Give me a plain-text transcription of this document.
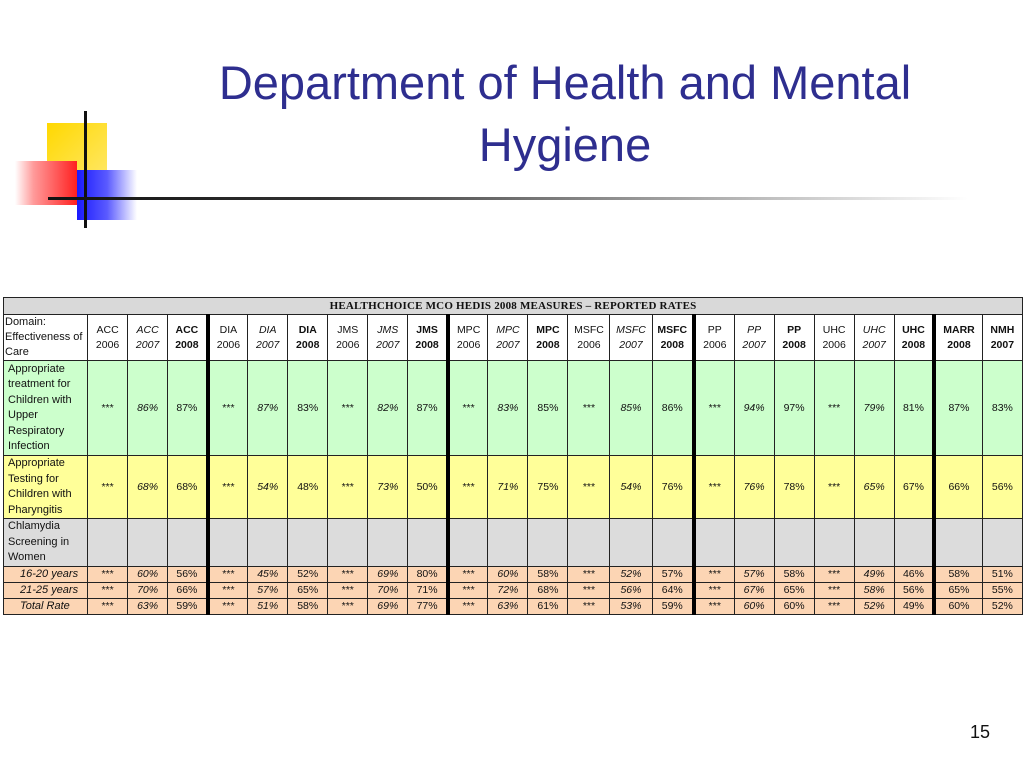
Department of Health and Mental Hygiene
HEALTHCHOICE MCO HEDIS 2008 MEASURES – REPORTED RATES																							
Domain: Effectiveness of Care	ACC 2006	ACC 2007	ACC 2008	DIA 2006	DIA 2007	DIA 2008	JMS 2006	JMS 2007	JMS 2008	MPC 2006	MPC 2007	MPC 2008	MSFC 2006	MSFC 2007	MSFC 2008	PP 2006	PP 2007	PP 2008	UHC 2006	UHC 2007	UHC 2008	MARR 2008	NMH 2007
Appropriate treatment for Children with Upper Respiratory Infection	***	86%	87%	***	87%	83%	***	82%	87%	***	83%	85%	***	85%	86%	***	94%	97%	***	79%	81%	87%	83%
Appropriate Testing for Children with Pharyngitis	***	68%	68%	***	54%	48%	***	73%	50%	***	71%	75%	***	54%	76%	***	76%	78%	***	65%	67%	66%	56%
Chlamydia Screening in Women																							
16-20 years	***	60%	56%	***	45%	52%	***	69%	80%	***	60%	58%	***	52%	57%	***	57%	58%	***	49%	46%	58%	51%
21-25 years	***	70%	66%	***	57%	65%	***	70%	71%	***	72%	68%	***	56%	64%	***	67%	65%	***	58%	56%	65%	55%
Total Rate	***	63%	59%	***	51%	58%	***	69%	77%	***	63%	61%	***	53%	59%	***	60%	60%	***	52%	49%	60%	52%
15
